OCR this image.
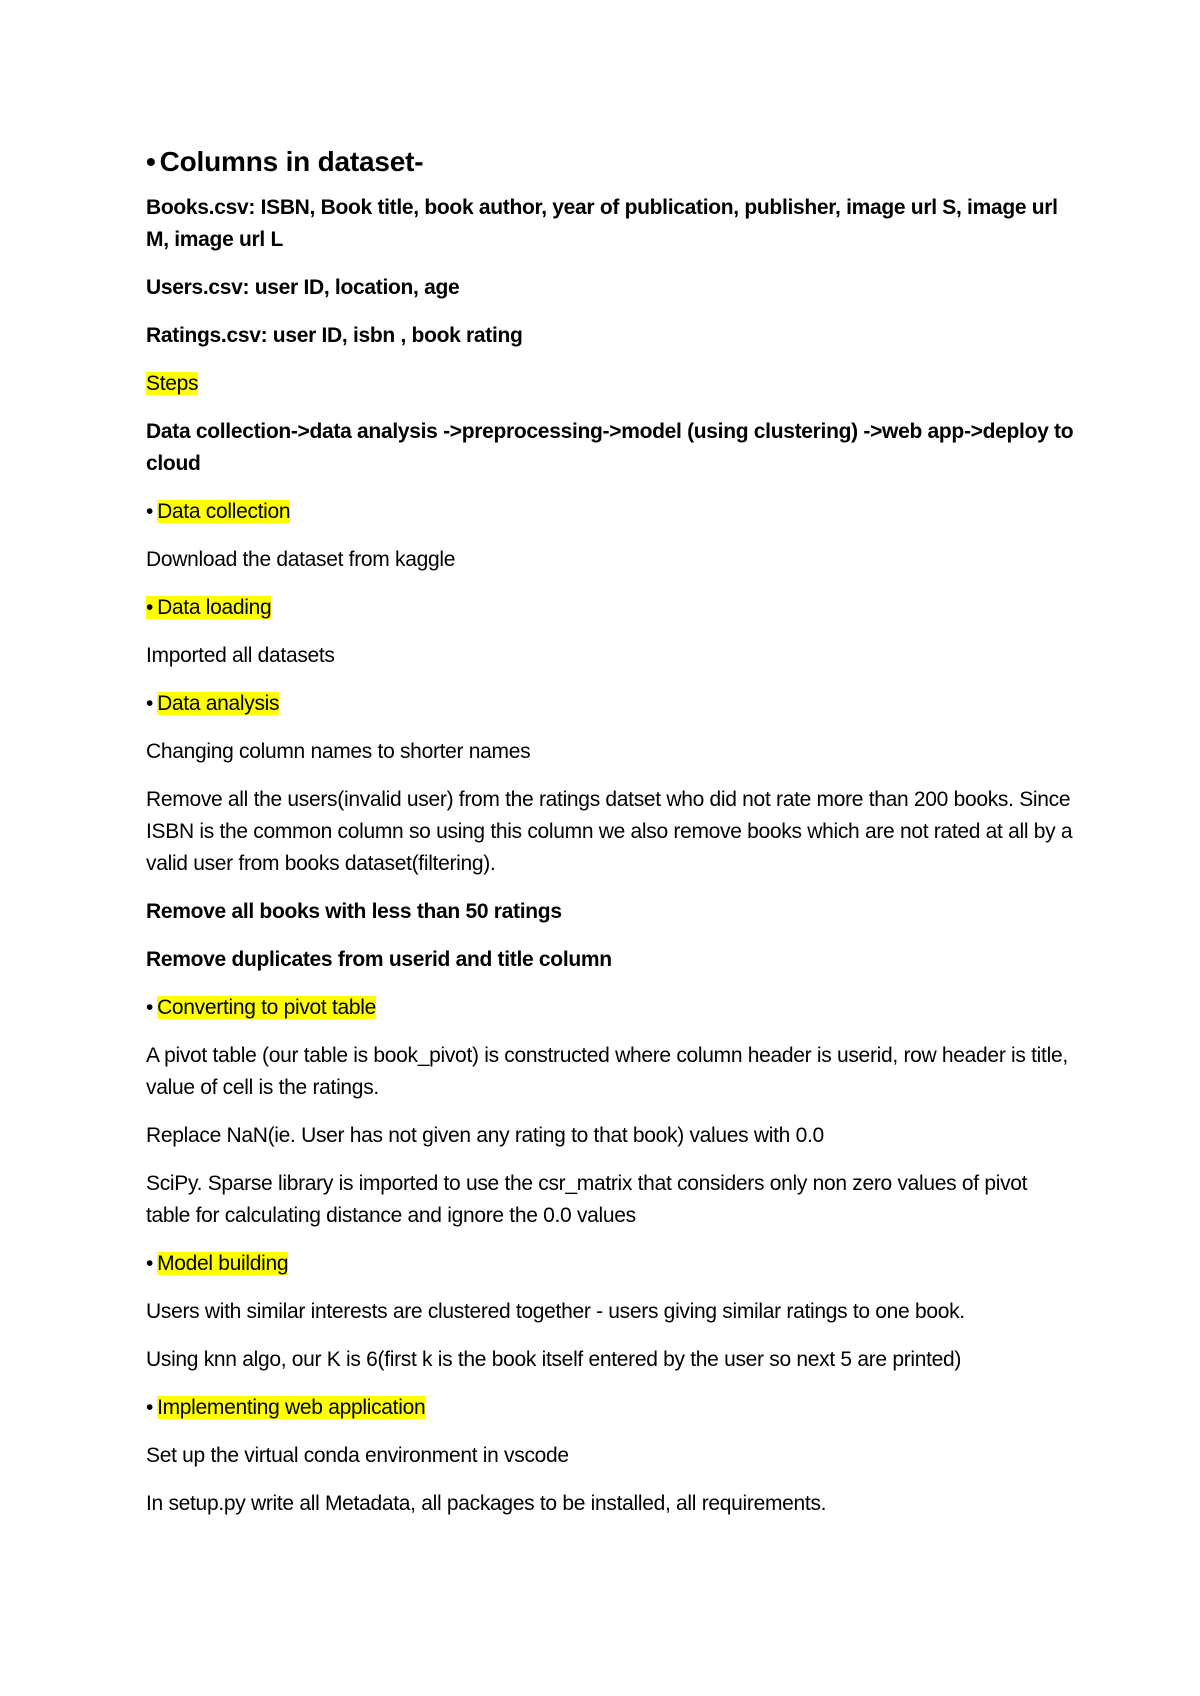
• Columns in dataset-

Books.csv: ISBN, Book title, book author, year of publication, publisher, image url S, image url M, image url L

Users.csv: user ID, location, age

Ratings.csv: user ID, isbn , book rating

Steps

Data collection->data analysis ->preprocessing->model (using clustering) ->web app->deploy to cloud

• Data collection

Download the dataset from kaggle

• Data loading

Imported all datasets

• Data analysis

Changing column names to shorter names

Remove all the users(invalid user) from the ratings datset who did not rate more than 200 books. Since ISBN is the common column so using this column we also remove books which are not rated at all by a valid user from books dataset(filtering).

Remove all books with less than 50 ratings

Remove duplicates from userid and title column

• Converting to pivot table

A pivot table (our table is book_pivot) is constructed where column header is userid, row header is title, value of cell is the ratings.

Replace NaN(ie. User has not given any rating to that book) values with 0.0

SciPy. Sparse library is imported to use the csr_matrix that considers only non zero values of pivot table for calculating distance and ignore the 0.0 values

• Model building

Users with similar interests are clustered together - users giving similar ratings to one book.

Using knn algo, our K is 6(first k is the book itself entered by the user so next 5 are printed)

• Implementing web application

Set up the virtual conda environment in vscode

In setup.py write all Metadata, all packages to be installed, all requirements.
